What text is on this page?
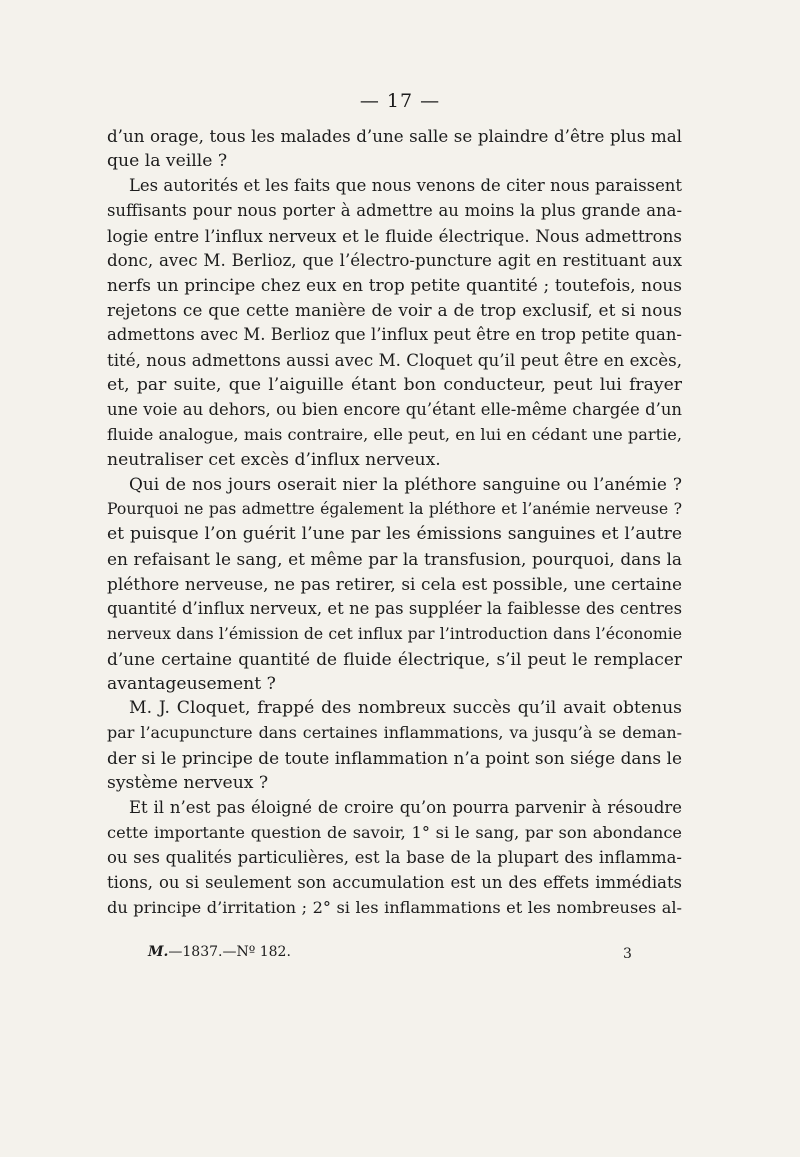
— 17 —
d’un orage, tous les malades d’une salle se plaindre d’être plus mal
que la veille ?
Les autorités et les faits que nous venons de citer nous paraissent
suffisants pour nous porter à admettre au moins la plus grande ana-
logie entre l’influx nerveux et le fluide électrique. Nous admettrons
donc, avec M. Berlioz, que l’électro-puncture agit en restituant aux
nerfs un principe chez eux en trop petite quantité ; toutefois, nous
rejetons ce que cette manière de voir a de trop exclusif, et si nous
admettons avec M. Berlioz que l’influx peut être en trop petite quan-
tité, nous admettons aussi avec M. Cloquet qu’il peut être en excès,
et, par suite, que l’aiguille étant bon conducteur, peut lui frayer
une voie au dehors, ou bien encore qu’étant elle-même chargée d’un
fluide analogue, mais contraire, elle peut, en lui en cédant une partie,
neutraliser cet excès d’influx nerveux.
Qui de nos jours oserait nier la pléthore sanguine ou l’anémie ?
Pourquoi ne pas admettre également la pléthore et l’anémie nerveuse ?
et puisque l’on guérit l’une par les émissions sanguines et l’autre
en refaisant le sang, et même par la transfusion, pourquoi, dans la
pléthore nerveuse, ne pas retirer, si cela est possible, une certaine
quantité d’influx nerveux, et ne pas suppléer la faiblesse des centres
nerveux dans l’émission de cet influx par l’introduction dans l’économie
d’une certaine quantité de fluide électrique, s’il peut le remplacer
avantageusement ?
M. J. Cloquet, frappé des nombreux succès qu’il avait obtenus
par l’acupuncture dans certaines inflammations, va jusqu’à se deman-
der si le principe de toute inflammation n’a point son siége dans le
système nerveux ?
Et il n’est pas éloigné de croire qu’on pourra parvenir à résoudre
cette importante question de savoir, 1° si le sang, par son abondance
ou ses qualités particulières, est la base de la plupart des inflamma-
tions, ou si seulement son accumulation est un des effets immédiats
du principe d’irritation ; 2° si les inflammations et les nombreuses al-
M.—1837.—Nº 182.	3
